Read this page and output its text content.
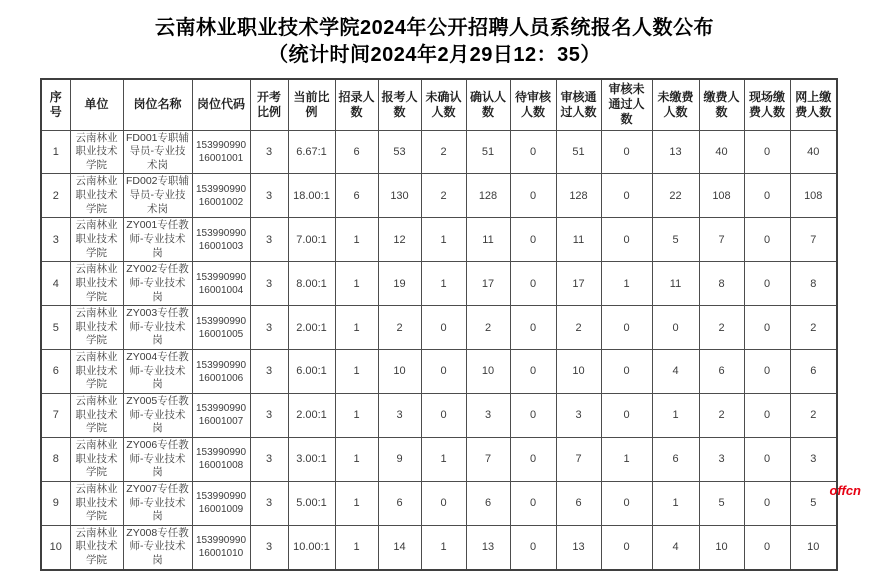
云南林业职业技术学院2024年公开招聘人员系统报名人数公布
（统计时间2024年2月29日12：35）
序号	单位	岗位名称	岗位代码	开考比例	当前比例	招录人数	报考人数	未确认人数	确认人数	待审核人数	审核通过人数	审核未通过人数	未缴费人数	缴费人数	现场缴费人数	网上缴费人数
1	云南林业职业技术学院	FD001专职辅导员-专业技术岗	153990990 16001001	3	6.67:1	6	53	2	51	0	51	0	13	40	0	40
2	云南林业职业技术学院	FD002专职辅导员-专业技术岗	153990990 16001002	3	18.00:1	6	130	2	128	0	128	0	22	108	0	108
3	云南林业职业技术学院	ZY001专任教师-专业技术岗	153990990 16001003	3	7.00:1	1	12	1	11	0	11	0	5	7	0	7
4	云南林业职业技术学院	ZY002专任教师-专业技术岗	153990990 16001004	3	8.00:1	1	19	1	17	0	17	1	11	8	0	8
5	云南林业职业技术学院	ZY003专任教师-专业技术岗	153990990 16001005	3	2.00:1	1	2	0	2	0	2	0	0	2	0	2
6	云南林业职业技术学院	ZY004专任教师-专业技术岗	153990990 16001006	3	6.00:1	1	10	0	10	0	10	0	4	6	0	6
7	云南林业职业技术学院	ZY005专任教师-专业技术岗	153990990 16001007	3	2.00:1	1	3	0	3	0	3	0	1	2	0	2
8	云南林业职业技术学院	ZY006专任教师-专业技术岗	153990990 16001008	3	3.00:1	1	9	1	7	0	7	1	6	3	0	3
9	云南林业职业技术学院	ZY007专任教师-专业技术岗	153990990 16001009	3	5.00:1	1	6	0	6	0	6	0	1	5	0	5
10	云南林业职业技术学院	ZY008专任教师-专业技术岗	153990990 16001010	3	10.00:1	1	14	1	13	0	13	0	4	10	0	10
offcn
